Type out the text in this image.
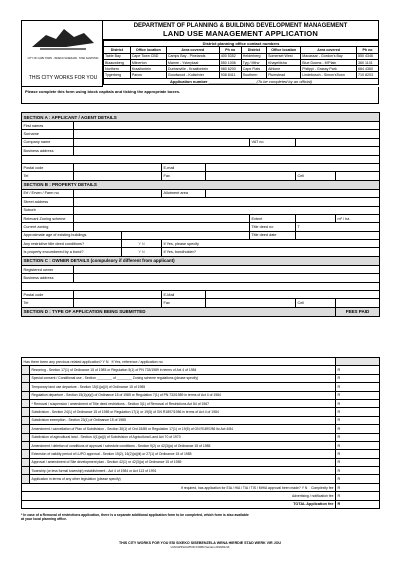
CITY OF CAPE TOWN · ISIXEKO SASEKAPA · STAD KAAPSTAD
THIS CITY WORKS FOR YOU
DEPARTMENT OF PLANNING & BUILDING DEVELOPMENT MANAGEMENT
LAND USE MANAGEMENT APPLICATION
District planning office contact numbers							
District	Office location	Area covered	Ph no	District	Office location	Area covered	Ph no
Table Bay	Cape Town CBD	Camps Bay - Pinelands	400 5352	Helderberg	Somerset West	Macassar - Gordon's Bay	850 4346
Blaauwberg	Milnerton	Mamre - Ysterplaat	550 1006	Tyg / Mfrw	Khayelitsha	Blue Downs - M'Plain	360 1101
Northern	Kraaifontein	Durbanville - Kraaifontein	980 6200	Cape Flats	Athlone	Philippi - Grassy Park	684 4360
Tygerberg	Parow	Goodwood - Kuilsrivier	938 8411	Southern	Plumstead	Lindebosch - Simon'sTown	710 8203
Application number _____________________ (To be completed by an official)							
Please complete this form using block capitals and ticking the appropriate boxes.
SECTION A : APPLICANT / AGENT DETAILS							
First names							
Surname							
Company name					VAT no		
Business address							

Postal code			E-mail				
Tel			Fax			Cell	
SECTION B : PROPERTY DETAILS							
Erf / Erven / Farm no			Allotment area				
Street address							
Suburb							
Relevant Zoning scheme					Extent		m² / ha
Current zoning					Title deed no	T	
Approximate age of existing buildings					Title deed date		
Any restrictive title deed conditions?		Y N	If Yes, please specify				
Is property encumbered by a bond?		Y N	If Yes, bondholder?				
SECTION C : OWNER DETAILS (compulsory if different from applicant)							
Registered owner							
Business address							

Postal code			E-Mail				
Tel			Fax			Cell	
SECTION D : TYPE OF APPLICATION BEING SUBMITTED							FEES PAID
Has there been any previous related application? Y N   If Yes, reference / application no		
	Rezoning - Section 17(1) of Ordinance 15 of 1985 or Regulation 5(1) of PN 733/1989 in terms of Act 4 of 1984	R
	Special consent / Conditional use - Section ________ of ________ Zoning scheme regulations (please specify)	R
	Temporary land use departure - Section 15(1)(a)(ii) of Ordinance 15 of 1985	R
	Regulation departure - Section 15(1)(a)(i) of Ordinance 15 of 1985 or Regulation 7(1) of PN 733/1989 in terms of Act 4 of 1984	R
	* Removal / suspension / amendment of Title deed restrictions - Section 3(1) of Removal of Restrictions Act 84 of 1967	R
	Subdivision - Section 24(1) of Ordinance 15 of 1985 or Regulation 17(1) or 19(5) of GN R1897/1986 in terms of Act 4 of 1984	R
	Subdivision exemption - Section 23(1) of Ordinance 15 of 1985	R
	Amendment / cancellation of Plan of Subdivision - Section 30(1) of Ord 15/85 or Regulation 17(1) or 19(5) of GN R1897/86 ito Act 4/84	R
	Subdivision of agricultural land - Section 4(1)(a)(i) of Subdivision of Agricultural Land Act 70 of 1970	R
	Amendment / deletion of conditions of approval / schedule conditions - Section 9(2) or 42(3)(a) of Ordinance 15 of 1985	R
	Extension of validity period of LUPO approval - Section 15(2), 16(2)(a)(iii) or 27(1) of Ordinance 15 of 1985	R
	Approval / amendment of Site development plan - Section 42(1) or 42(3)(a) of Ordinance 15 of 1985	R
	Township (or less formal township) establishment - Act 4 of 1984 or Act 113 of 1991	R
	Application in terms of any other legislation (please specify)	R
If required, has application for EIA / HIA / TIA / TIS / MHIA approval been made? Y N    Complexity fee		R
Advertising / notification fee		R
TOTAL Application fee		R
* In case of a Removal of restrictions application, there is a separate additional application form to be completed, which form is also available at your local planning office.
THIS CITY WORKS FOR YOU ESI SIXEKO SISEBENZELA WENA HIERDIE STAD WERK VIR JOU
LUM APPLICATION FORM Version 2010/01/10
